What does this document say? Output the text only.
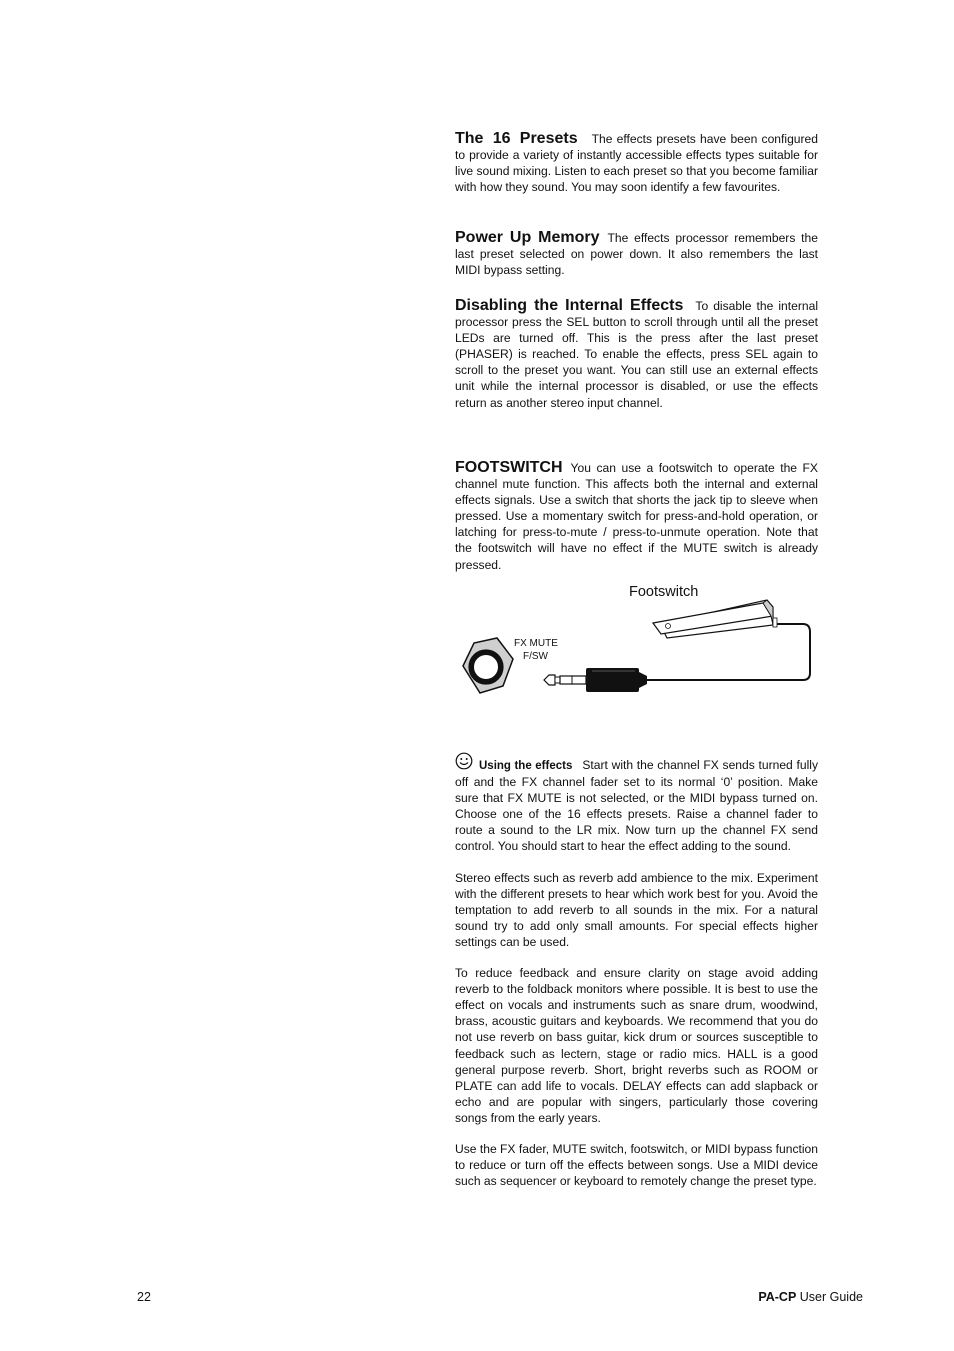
The 16 Presets The effects presets have been configured to provide a variety of instantly accessible effects types suitable for live sound mixing. Listen to each preset so that you become familiar with how they sound. You may soon identify a few favourites.

Power Up Memory The effects processor remembers the last preset selected on power down. It also remembers the last MIDI bypass setting.

Disabling the Internal Effects To disable the internal processor press the SEL button to scroll through until all the preset LEDs are turned off. This is the press after the last preset (PHASER) is reached. To enable the effects, press SEL again to scroll to the preset you want. You can still use an external effects unit while the internal processor is disabled, or use the effects return as another stereo input channel.

FOOTSWITCH You can use a footswitch to operate the FX channel mute function. This affects both the internal and external effects signals. Use a switch that shorts the jack tip to sleeve when pressed. Use a momentary switch for press-and-hold operation, or latching for press-to-mute / press-to-unmute operation. Note that the footswitch will have no effect if the MUTE switch is already pressed.

Footswitch
FX MUTE
F/SW

Using the effects Start with the channel FX sends turned fully off and the FX channel fader set to its normal ‘0’ position. Make sure that FX MUTE is not selected, or the MIDI bypass turned on. Choose one of the 16 effects presets. Raise a channel fader to route a sound to the LR mix. Now turn up the channel FX send control. You should start to hear the effect adding to the sound.

Stereo effects such as reverb add ambience to the mix. Experiment with the different presets to hear which work best for you. Avoid the temptation to add reverb to all sounds in the mix. For a natural sound try to add only small amounts. For special effects higher settings can be used.

To reduce feedback and ensure clarity on stage avoid adding reverb to the foldback monitors where possible. It is best to use the effect on vocals and instruments such as snare drum, woodwind, brass, acoustic guitars and keyboards. We recommend that you do not use reverb on bass guitar, kick drum or sources susceptible to feedback such as lectern, stage or radio mics. HALL is a good general purpose reverb. Short, bright reverbs such as ROOM or PLATE can add life to vocals. DELAY effects can add slapback or echo and are popular with singers, particularly those covering songs from the early years.

Use the FX fader, MUTE switch, footswitch, or MIDI bypass function to reduce or turn off the effects between songs. Use a MIDI device such as sequencer or keyboard to remotely change the preset type.

22	PA-CP User Guide
